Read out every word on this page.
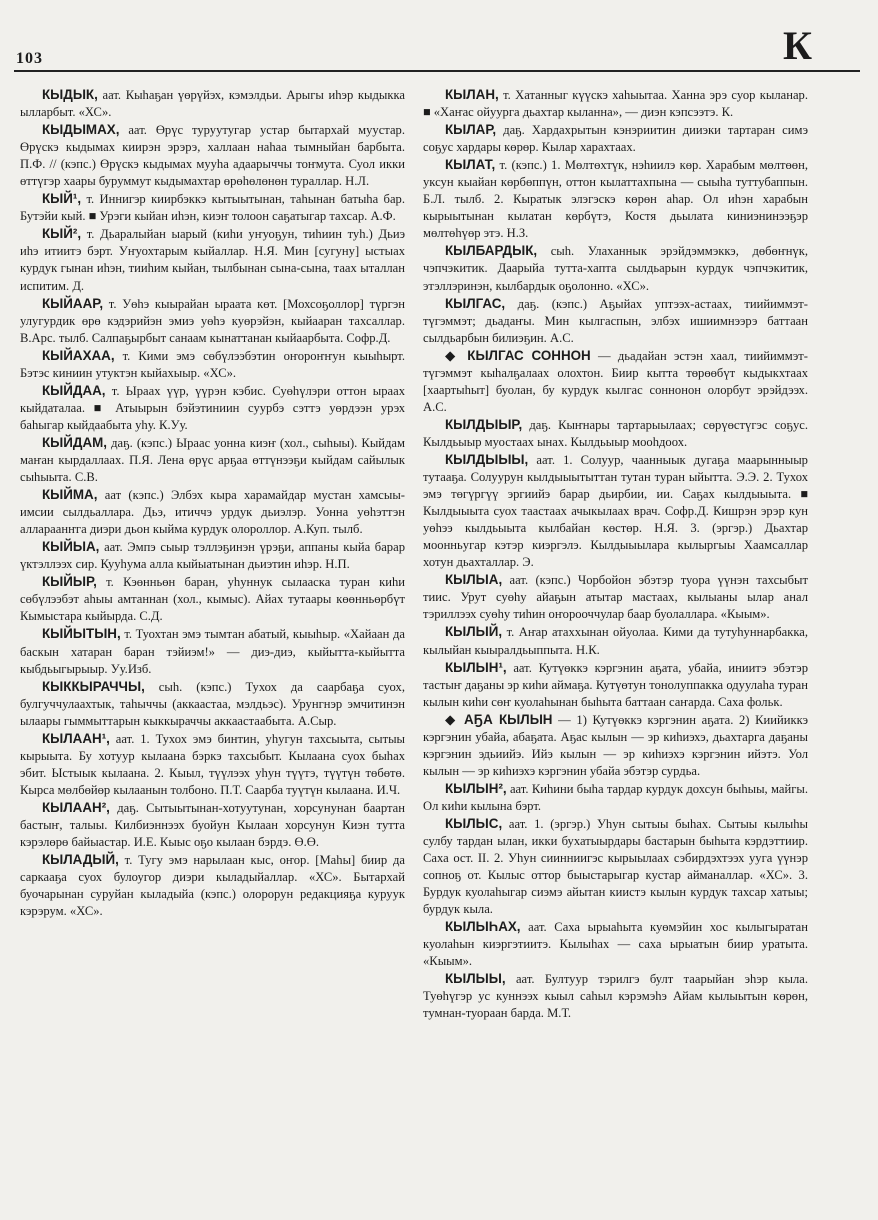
103	К

КЫДЫК, аат. Кыһаҕан үөрүйэх, кэмэлдьи. Арыгы иһэр кыдыкка ылларбыт. «ХС».

КЫДЫМАХ, аат. Өрүс туруутугар устар бытархай муустар. Өрүскэ кыдымах киирэн эрэрэ, халлаан наһаа тымныйан барбыта. П.Ф. // (кэпс.) Өрүскэ кыдымах мууһа адаарыччы тоҥмута. Суол икки өттүгэр хаары буруммут кыдымахтар өрөһөлөнөн тураллар. Н.Л.

КЫЙ¹, т. Иннигэр киирбэккэ кытыытынан, таһынан батыһа бар. Бутэйи кый. ■ Урэги кыйан иһэн, киэҥ толоон саҕатыгар тахсар. А.Ф.

КЫЙ², т. Дьаралыйан ыарый (киһи уҥуоҕун, тиһиин туһ.) Дьиэ иһэ итиитэ бэрт. Уҥуохтарым кыйаллар. Н.Я. Мин [сугуну] ыстыах курдук гынан иһэн, тииһим кыйан, тылбынан сына-сына, таах ыталлан испитим. Д.

КЫЙААР, т. Уөһэ кыырайан ыраата көт. [Мохсоҕоллор] түргэн улугурдик өрө кэдэрийэн эмиэ уөһэ куөрэйэн, кыйааран тахсаллар. В.Арс. тылб. Салпаҕырбыт санаам кынаттанан кыйаарбыта. Софр.Д.

КЫЙАХАА, т. Кими эмэ сөбүлээбэтин оҥороҥҥун кыыһырт. Бэтэс киниин утуктэн кыйахыыр. «ХС».

КЫЙДАА, т. Ыраах үүр, үүрэн кэбис. Суөһүлэри оттон ыраах кыйдаталаа. ■ Атыырын бэйэтиниин суурбэ сэттэ уөрдээн урэх баһыгар кыйдаабыта уһу. К.Уу.

КЫЙДАМ, даҕ. (кэпс.) Ыраас уонна киэҥ (хол., сыһыы). Кыйдам маҥан кырдаллаах. П.Я. Лена өрүс арҕаа өттүнээҕи кыйдам сайылык сыһыыта. С.В.

КЫЙМА, аат (кэпс.) Элбэх кыра харамайдар мустан хамсыы-имсии сылдьаллара. Дьэ, итиччэ урдук дьиэлэр. Уонна уөһэттэн аллараанҥга диэри дьон кыйма курдук олороллор. А.Куп. тылб.

КЫЙЫА, аат. Эмпэ сыыр тэллэҕинэн үрэҕи, аппаны кыйа барар үктэллээх сир. Кууһума алла кыйыатынан дьиэтин иһэр. Н.П.

КЫЙЫР, т. Кэөнньөн баран, уһуннук сылааска туран киһи сөбүлээбэт аһыы амтаннан (хол., кымыс). Айах тутаары көөнньөрбүт Кымыстара кыйырда. С.Д.

КЫЙЫТЫН, т. Туохтан эмэ тымтан абатый, кыыһыр. «Хайаан да баскын хатаран баран тэйиэм!» — диэ-диэ, кыйытта-кыйытта кыбдьыгырыыр. Уу.Изб.

КЫККЫРАЧЧЫ, сыһ. (кэпс.) Тухох да саарбаҕа суох, булгуччулаахтык, таһыччы (аккаастаа, мэлдьэс). Урунгнэр эмчитинэн ылаары гыммыттарын кыккыраччы аккаастаабыта. А.Сыр.

КЫЛААН¹, аат. 1. Тухох эмэ бинтин, уһугун тахсыыта, сытыы кырыыта. Бу хотуур кылаана бэркэ тахсыбыт. Кылаана суох быһах эбит. Ыстыык кылаана. 2. Кыыл, түүлээх уһун түүтэ, түүтүн төбөтө. Кырса мөлбөйөр кылаанын толбоно. П.Т. Саарба туүтүн кылаана. И.Ч.

КЫЛААН², даҕ. Сытыытынан-хотуутунан, хорсунунан баартан бастыҥ, талыы. Килбиэннээх буойун Кылаан хорсунун Киэн тутта кэрэлөрө байыастар. И.Е. Кыыс оҕо кылаан бэрдэ. Ө.Ө.

КЫЛАДЫЙ, т. Тугу эмэ нарылаан кыс, оҥор. [Маһы] биир да саркааҕа суох булоугор диэри кыладыйаллар. «ХС». Бытархай буочарынан суруйан кыладыйа (кэпс.) олорорун редакцияҕа куруук кэрэрум. «ХС».

КЫЛАН, т. Хатанныг күүскэ хаһыытаа. Ханна эрэ суор кыланар. ■ «Хаҥас ойуурга дьахтар кыланна», — диэн кэпсээтэ. К.

КЫЛАР, даҕ. Хардахрытын кэнэриитин дииэки тартаран симэ соҕус хардары көрөр. Кылар харахтаах.

КЫЛАТ, т. (кэпс.) 1. Мөлтөхтүк, нэһиилэ көр. Харабым мөлтөөн, уксун кыайан көрбөппүн, оттон кылаттахпына — сыыһа туттубаппын. Б.Л. тылб. 2. Кыратык элэгэскэ көрөн аһар. Ол иһэн харабын кырыытынан кылатан көрбүтэ, Костя дьылата киниэнинээҕэр мөлтөһүөр этэ. Н.З.

КЫЛБАРДЫК, сыһ. Улаханнык эрэйдэммэккэ, дөбөҥнүк, чэпчэкитик. Даарыйа тутта-хапта сылдьарын курдук чэпчэкитик, этэллэринэн, кылбардык оҕолонно. «ХС».

КЫЛГАС, даҕ. (кэпс.) Аҕыйах уптээх-астаах, тиийиммэт-түгэммэт; дьадаҥы. Мин кылгаспын, элбэх ишиимнээрэ баттаан сылдьарбын билиэҕин. А.С.

◆ КЫЛГАС СОННОН — дьадайан эстэн хаал, тиийиммэт-түгэммэт кыһалҕалаах олохтон. Биир кытта төрөөбүт кыдыкхтаах [хаартыһыт] буолан, бу курдук кылгас соннонон олорбут эрэйдээх. А.С.

КЫЛДЫЫР, даҕ. Кыҥнары тартарыылаах; сөрүөстүгэс соҕус. Кылдьыыр муостаах ынах. Кылдьыыр мооһдоох.

КЫЛДЫЫЫ, аат. 1. Солуур, чаанныык дугаҕа маарынныыр тутааҕа. Солуурун кылдыыытыттан тутан туран ыйытта. Э.Э. 2. Тухох эмэ төгүргүү эргиийэ барар дьирбии, ии. Саҕах кылдыыыта. ■ Кылдыыыта суох таастаах ачыкылаах врач. Софр.Д. Кишрэн эрэр кун уөһээ кылдьыыта кылбайан көстөр. Н.Я. 3. (эргэр.) Дьахтар моонньугар кэтэр киэргэлэ. Кылдыыылара кылыргыы Хаамсаллар хотун дьахталлар. Э.

КЫЛЫА, аат. (кэпс.) Чорбойон эбэтэр туора үүнэн тахсыбыт тиис. Урут суөһу айаҕын атытар мастаах, кылыаны ылар анал тэриллээх суөһу тиһин оҥорооччулар баар буолаллара. «Кыым».

КЫЛЫЙ, т. Аҥар атаххынан ойуолаа. Кими да тутуһуннарбакка, кылыйан кыыралдьыппыта. Н.К.

КЫЛЫН¹, аат. Кутүөккэ кэргэнин аҕата, убайа, иниитэ эбэтэр тастыҥ даҕаны эр киһи аймаҕа. Кутүөтун тонолуппакка одуулаһа туран кылын киһи сөҥ куолаһынан быһыта баттаан саҥарда. Саха фольк.

◆ АҔА КЫЛЫН — 1) Кутүөккэ кэргэнин аҕата. 2) Киийиккэ кэргэнин убайа, абаҕата. Аҕас кылын — эр киһиэхэ, дьахтарга даҕаны кэргэнин эдьиийэ. Ийэ кылын — эр киһиэхэ кэргэнин ийэтэ. Уол кылын — эр киһиэхэ кэргэнин убайа эбэтэр сурдьа.

КЫЛЫН², аат. Киһини быһа тардар курдук дохсун быһыы, майгы. Ол киһи кылына бэрт.

КЫЛЫС, аат. 1. (эргэр.) Уһун сытыы быһах. Сытыы кылыһы сулбу тардан ылан, икки бухатыырдары бастарын быһыта кэрдэттиир. Саха ост. II. 2. Уһун сиинниигэс кырыылаах сэбирдэхтээх ууга үүнэр сопноҕ от. Кылыс оттор быыстарыгар кустар айманаллар. «ХС». 3. Бурдук куолаһыгар сиэмэ айытан киистэ кылын курдук тахсар хатыы; бурдук кыла.

КЫЛЫҺАХ, аат. Саха ырыаһыта куөмэйин хос кылыгыратан куолаһын киэргэтиитэ. Кылыһах — саха ырыатын биир уратыта. «Кыым».

КЫЛЫЫ, аат. Бултуур тэрилгэ булт таарыйан эһэр кыла. Туөһүгэр ус куннээх кыыл саһыл кэрэмэһэ Айам кылыытын көрөн, тумнан-туораан барда. М.Т.
